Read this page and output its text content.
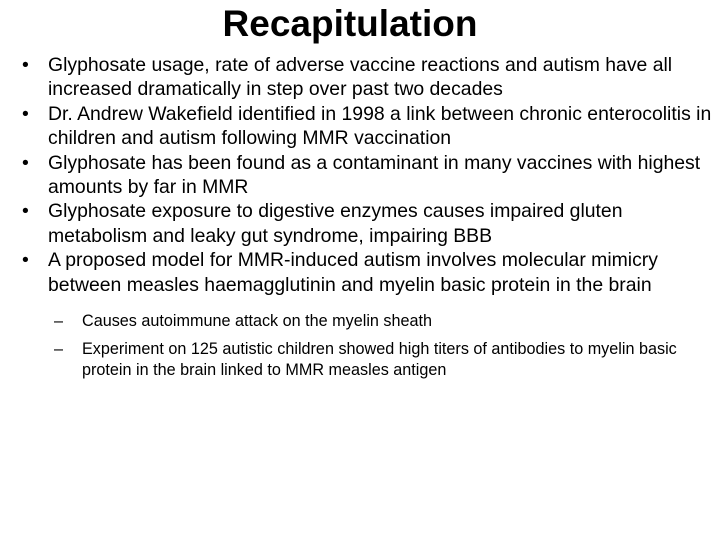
Recapitulation
• Glyphosate usage, rate of adverse vaccine reactions and autism have all increased dramatically in step over past two decades
• Dr. Andrew Wakefield identified in 1998 a link between chronic enterocolitis in children and autism following MMR vaccination
• Glyphosate has been found as a contaminant in many vaccines with highest amounts by far in MMR
• Glyphosate exposure to digestive enzymes causes impaired gluten metabolism and leaky gut syndrome, impairing BBB
• A proposed model for MMR-induced autism involves molecular mimicry between measles haemagglutinin and myelin basic protein in the brain
–	Causes autoimmune attack on the myelin sheath
–	Experiment on 125 autistic children showed high titers of antibodies to myelin basic protein in the brain linked to MMR measles antigen
